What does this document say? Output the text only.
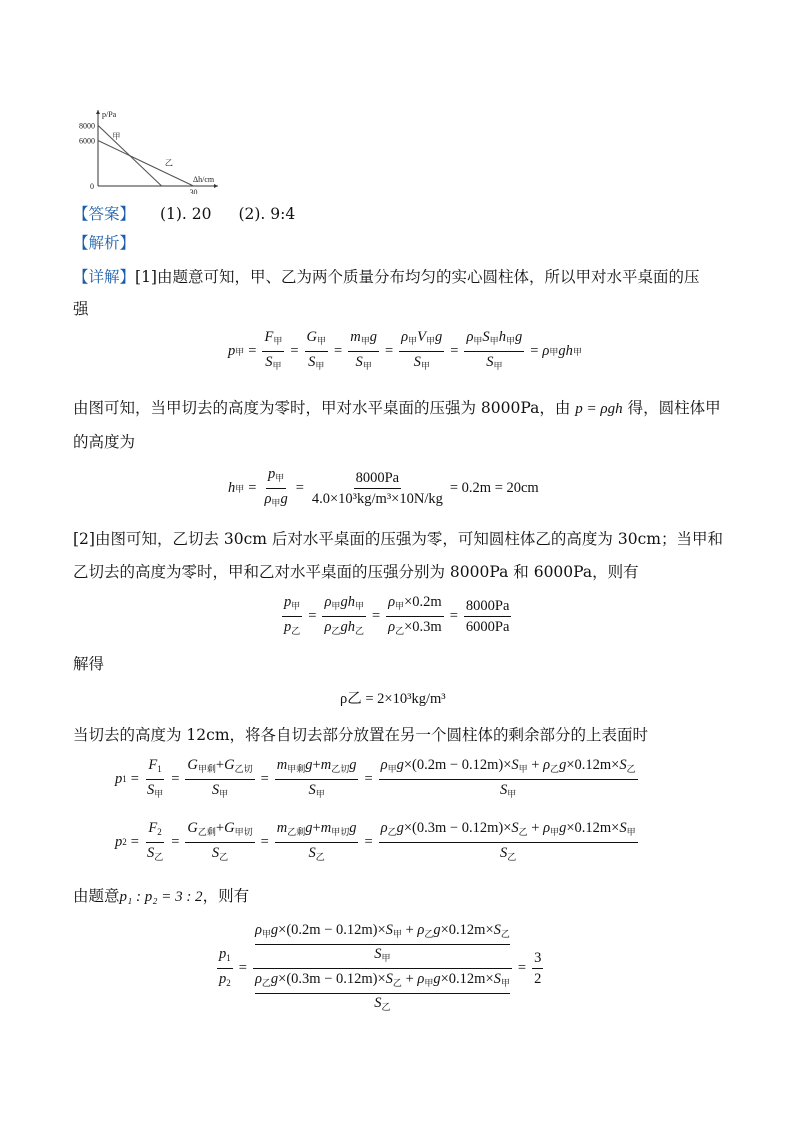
8000
6000
0
30
p/Pa
Δh/cm
甲
乙
【答案】 (1). 20 (2). 9:4
【解析】
【详解】[1]由题意可知，甲、乙为两个质量分布均匀的实心圆柱体，所以甲对水平桌面的压
强
p 甲 = $\frac{F_甲}{S_甲} = \frac{G_甲}{S_甲} = \frac{m_甲g}{S_甲} = \frac{\rho_甲V_甲g}{S_甲} = \frac{\rho_甲S_甲h_甲g}{S_甲} = \rho$ 甲 gh 甲
由图可知，当甲切去的高度为零时，甲对水平桌面的压强为 8000Pa，由 p = ρgh 得，圆柱体甲
的高度为
h 甲 = $\frac{p_甲}{\rho_甲g} = \frac{8000Pa}{\text{4.0×10³kg/m³×10N/kg}} = 0.2m = 20cm$
[2]由图可知，乙切去 30cm 后对水平桌面的压强为零，可知圆柱体乙的高度为 30cm；当甲和
乙切去的高度为零时，甲和乙对水平桌面的压强分别为 8000Pa 和 6000Pa，则有
$\frac{p_甲}{p_乙} = \frac{\rho_甲gh_甲}{\rho_乙gh_乙} = \frac{\rho_甲\times 0.2m}{\rho_乙\times 0.3m} = \frac{8000Pa}{6000Pa}$
解得
ρ乙 = 2×10³kg/m³
当切去的高度为 12cm，将各自切去部分放置在另一个圆柱体的剩余部分的上表面时
p $1 = \frac{F_1}{S_甲} = \frac{G_{甲剩}+G_{乙切}}{S_甲} = \frac{m_{甲剩}g+m_{乙切}g}{S_甲} = \frac{\rho_甲g\times(0.2m - 0.12m)\times S_甲 + \rho_乙g\times 0.12m\times S_乙}{S_甲}$
p $2 = \frac{F_2}{S_乙} = \frac{G_{乙剩}+G_{甲切}}{S_乙} = \frac{m_{乙剩}g+m_{甲切}g}{S_乙} = \frac{\rho_乙g\times(0.3m - 0.12m)\times S_乙 + \rho_甲g\times 0.12m\times S_甲}{S_乙}$
由题意p₁ : p₂ = 3 : 2，则有
$\frac{p_1}{p_2} = \rho_甲g\times(0.2m - 0.12m)\times S_甲 + \rho_乙g\times 0.12m\times S_乙$
$S_甲$
$\rho_乙g\times(0.3m - 0.12m)\times S_乙 + \rho_甲g\times 0.12m\times S_甲$
$S_乙 = \frac{3}{2}$
